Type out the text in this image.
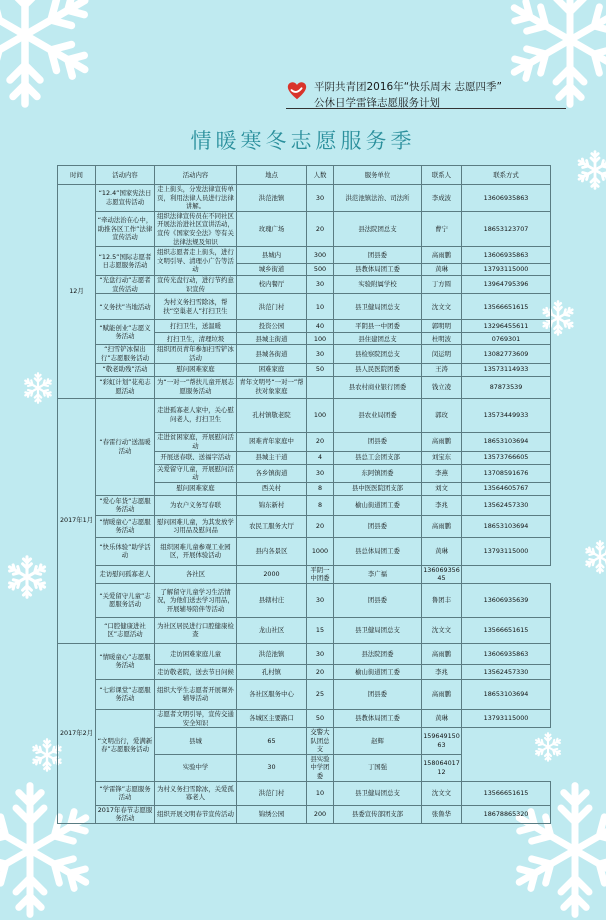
平阴共青团2016年“快乐周末 志愿四季”
公休日学雷锋志愿服务计划
情暖寒冬志愿服务季
时间	活动内容	活动内容	地点	人数	服务单位	联系人	联系方式
12月	“12.4”国家宪法日志愿宣传活动	走上街头，分发法律宣传单页，利用法律人员进行法律讲解。	洪范池镇	30	洪范池镇法治、司法所	李成波	13606935863
	“牵动法治在心中，助推各区工作”法律宣传活动	组织法律宣传员在不同社区开展法治进社区宣讲活动，宣传《国家安全法》等有关法律法规及知识	玫瑰广场	20	县法院团总支	曹宁	18653123707
	“12.5”国际志愿者日志愿服务活动	组织志愿者走上街头，进行文明引导、清理小广告等活动	县城内	300	团县委	高雨鹏	13606935863
			城乡街道	500	县教体局团工委	黄琳	13793115000
	“光盘行动”志愿者宣传活动	宣传光盘行动，进行节约意识宣传	校内餐厅	30	实验附属学校	丁方圆	13964795396
	“义务扶”当地活动	为村义务扫雪除冰，帮扶“空巢老人”打扫卫生	洪范门村	10	县卫健局团总支	沈文文	13566651615
	“赋能创业”志愿义务活动	打扫卫生，送温暖	投资公园	40	平阴县一中团委	郭明明	13296455611
		打扫卫生，清理垃圾	县城主街道	100	县住建团总支	杜明波	0769301
	“扫雪铲冰保出行”志愿服务活动	组织团员青年参加扫雪铲冰活动	县城各街道	30	县检察院团总支	闵运明	13082773609
	“敬老助残”活动	慰问困难家庭	困难家庭	50	县人民医院团委	王涛	13573114933
	“彩虹计划”花苑志愿活动	为“一对一”帮扶儿童开展志愿服务活动	青年文明号“一对一”帮扶对象家庭		县农村商业银行团委	钱立凌	87873539
2017年1月	“春雷行动”送温暖活动	走进孤寡老人家中，关心慰问老人，打扫卫生	孔村镇敬老院	100	县农业局团委	郭玫	13573449933
		走进贫困家庭，开展慰问活动	困难青年家庭中	20	团县委	高雨鹏	18653103694
		开展送春联、送福字活动	县城主干道	4	县总工会团支部	刘宝东	13573766605
		关爱留守儿童，开展慰问活动	各乡镇街道	30	东阿镇团委	李燕	13708591676
		慰问困难家庭	西关村	8	县中医医院团支部	刘文	13564605767
	“爱心年货”志愿服务活动	为农户义务写春联	锦东新村	8	榆山街道团工委	李兆	13562457330
	“情暖童心”志愿服务活动	慰问困难儿童，为其发放学习用品及慰问品	农民工服务大厅	20	团县委	高雨鹏	18653103694
	“快乐体验”助学活动	组织困难儿童参观工业园区，开展体验活动	县内各景区	1000	县总体局团工委	黄琳	13793115000
	走访慰问孤寡老人	各社区	2000	平阴一中团委	李广福	13606935645	
	“关爱留守儿童”志愿服务活动	了解留守儿童学习生活情况，为他们送去学习用品，开展辅导陪伴等活动	县辖村庄	30	团县委	鲁团丰	13606935639
	“口腔健康进社区”志愿活动	为社区居民进行口腔健康检查	龙山社区	15	县卫健局团总支	沈文文	13566651615
2017年2月	“情暖童心”志愿服务活动	走访困难家庭儿童	洪范池镇	30	县法院团委	高雨鹏	13606935863
		走访敬老院，送去节日问候	孔村镇	20	榆山街道团工委	李兆	13562457330
	“七彩课堂”志愿服务活动	组织大学生志愿者开展课外辅导活动	各社区服务中心	25	团县委	高雨鹏	18653103694
	“文明出行，爱满新春”志愿服务活动	志愿者文明引导，宣传交通安全知识	各城区主要路口	50	县教体局团工委	黄琳	13793115000
		县城	65	交警大队团总支	赵辉	15964915063	
		实验中学	30	县实验中学团委	丁国强	15806401712	
	“学雷锋”志愿服务活动	为村义务扫雪除冰，关爱孤寡老人	洪范门村	10	县卫健局团总支	沈文文	13566651615
	2017年春节志愿服务活动	组织开展文明春节宣传活动	锦绣公园	200	县委宣传部团支部	张鲁华	18678865320
